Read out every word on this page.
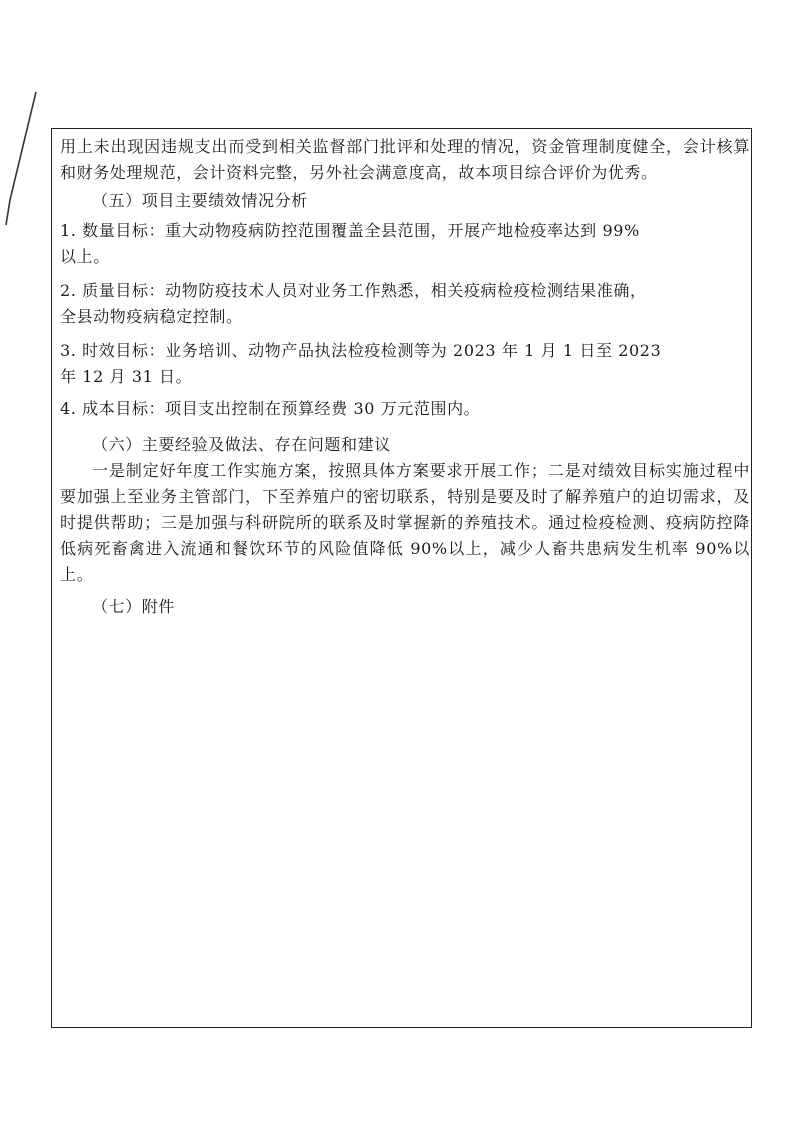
用上未出现因违规支出而受到相关监督部门批评和处理的情况，资金管理制度健全，会计核算和财务处理规范，会计资料完整，另外社会满意度高，故本项目综合评价为优秀。

（五）项目主要绩效情况分析

1. 数量目标：重大动物疫病防控范围覆盖全县范围，开展产地检疫率达到 99%

以上。

2. 质量目标：动物防疫技术人员对业务工作熟悉，相关疫病检疫检测结果准确，

全县动物疫病稳定控制。

3. 时效目标：业务培训、动物产品执法检疫检测等为 2023 年 1 月 1 日至 2023

年 12 月 31 日。

4. 成本目标：项目支出控制在预算经费 30 万元范围内。

（六）主要经验及做法、存在问题和建议

一是制定好年度工作实施方案，按照具体方案要求开展工作；二是对绩效目标实施过程中要加强上至业务主管部门，下至养殖户的密切联系，特别是要及时了解养殖户的迫切需求，及时提供帮助；三是加强与科研院所的联系及时掌握新的养殖技术。通过检疫检测、疫病防控降低病死畜禽进入流通和餐饮环节的风险值降低 90%以上，减少人畜共患病发生机率 90%以上。

（七）附件
